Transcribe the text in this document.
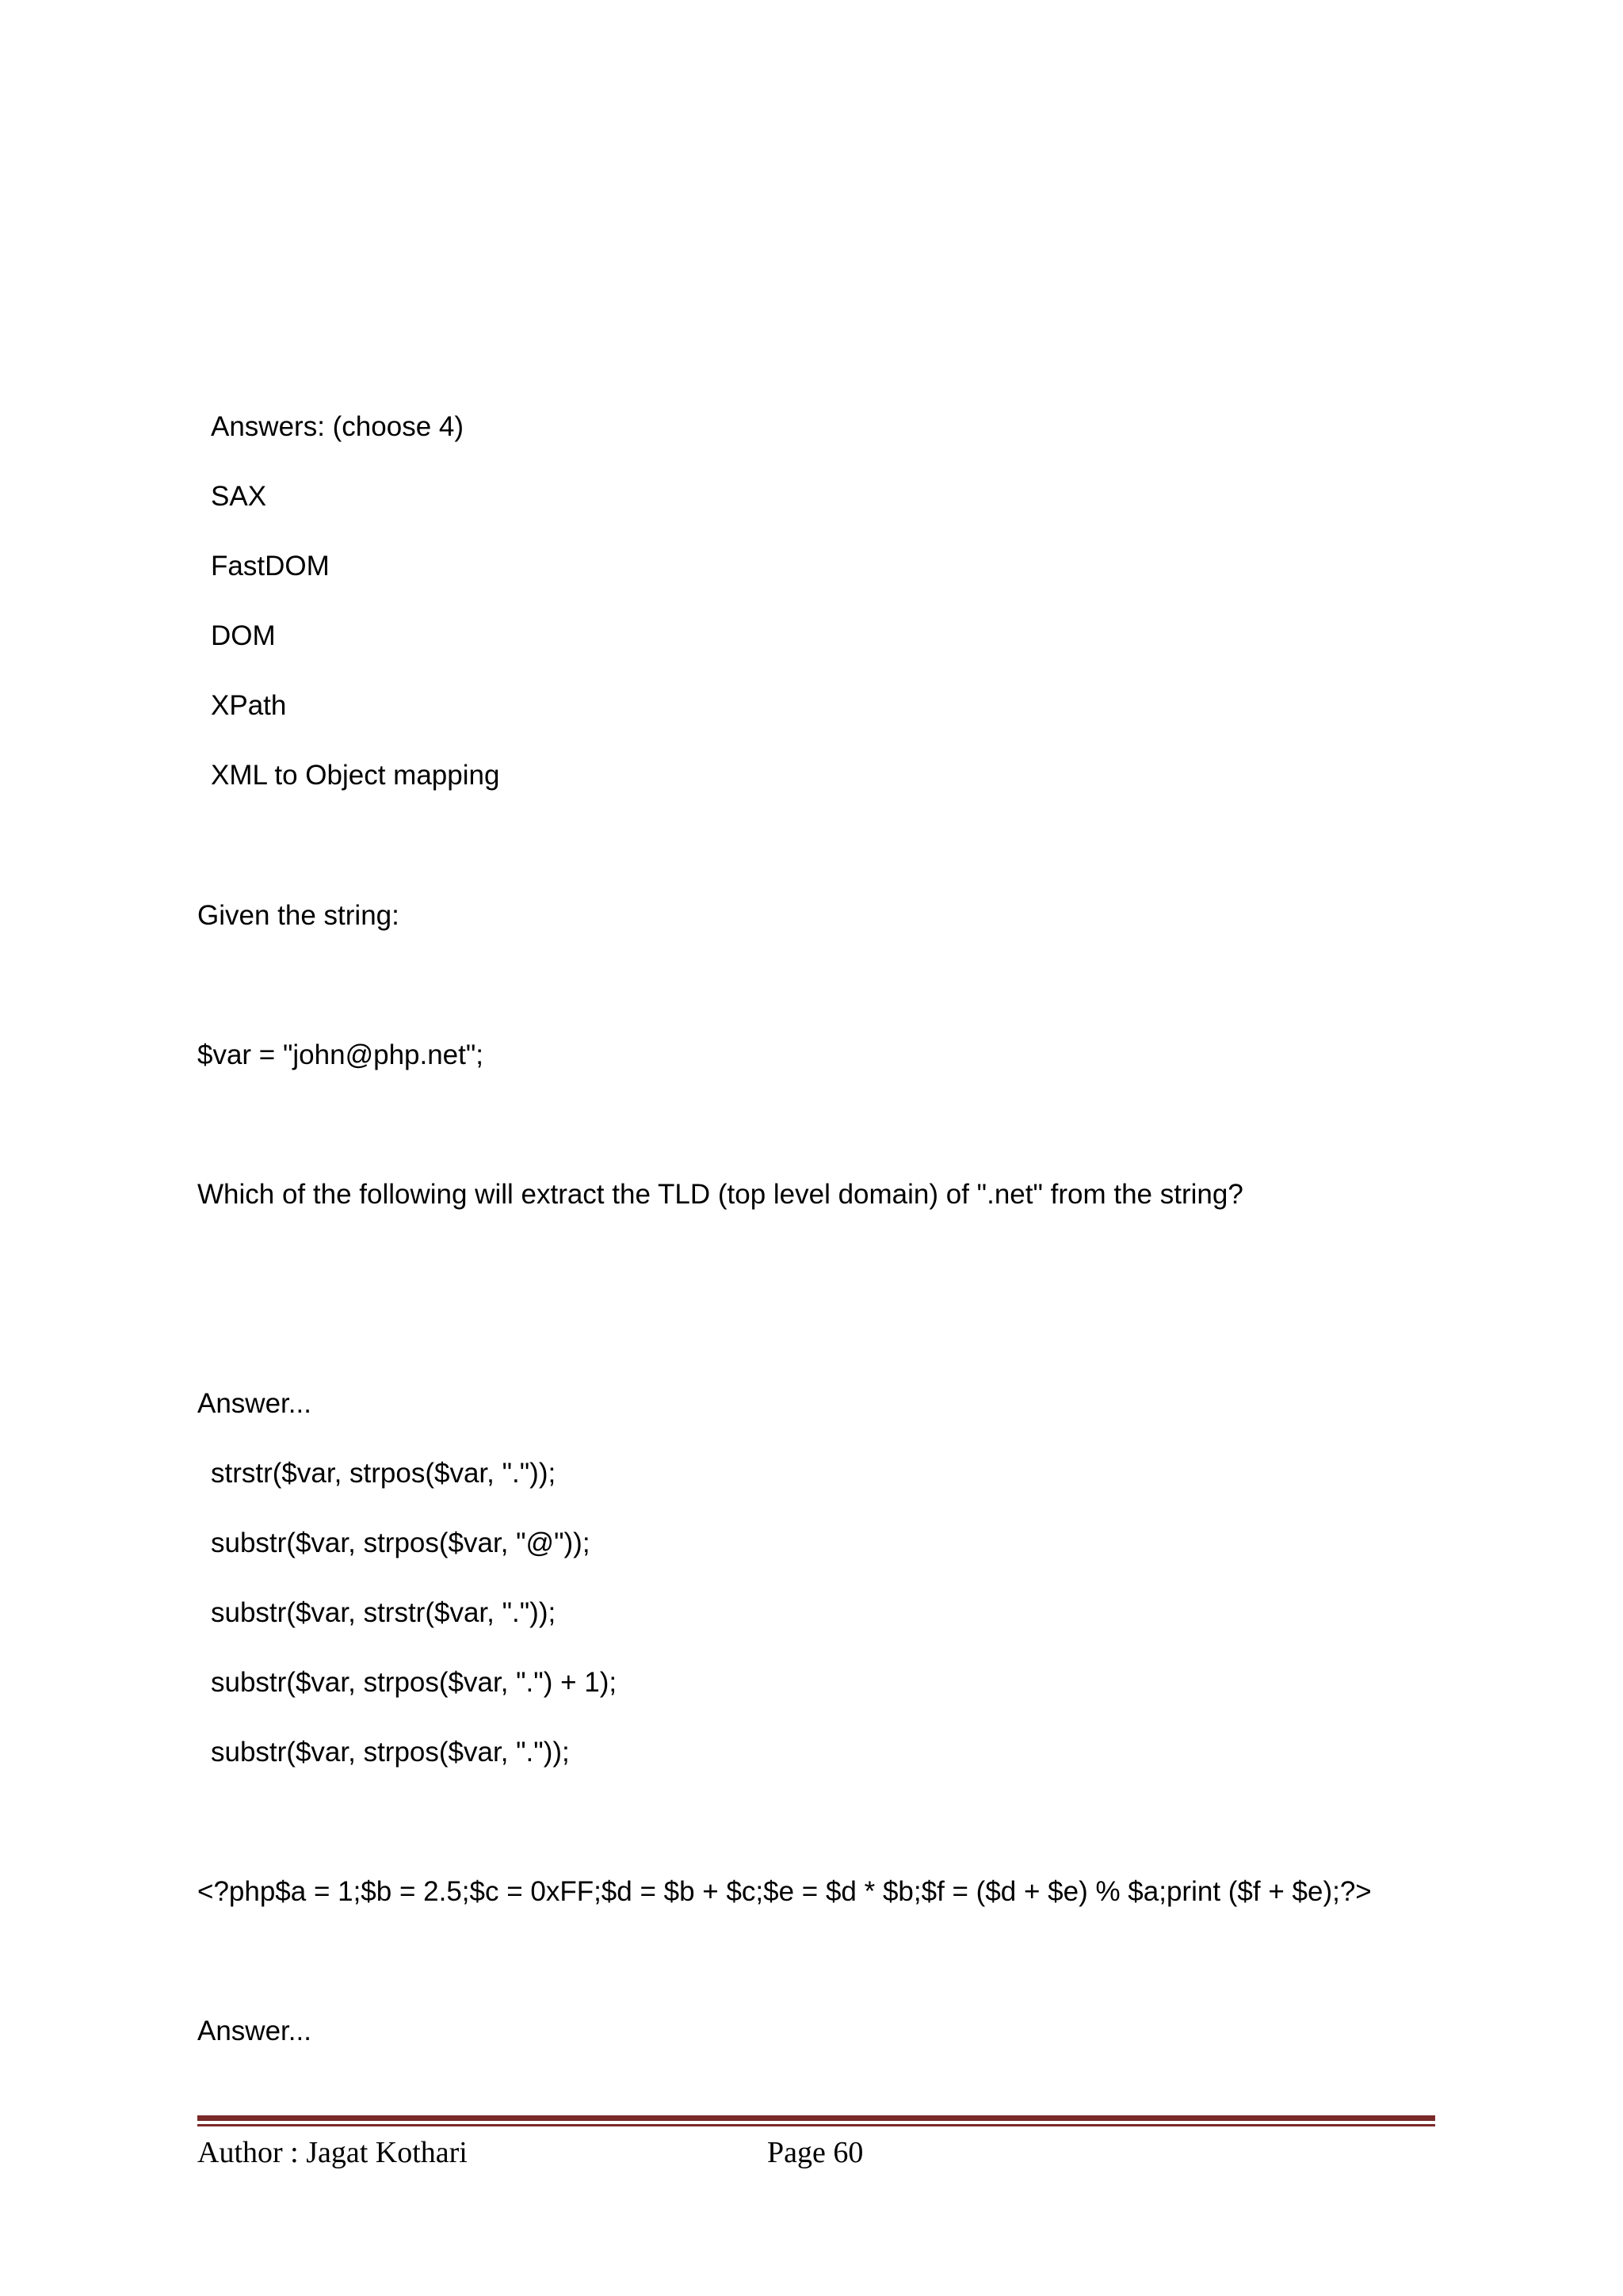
Answers: (choose 4)
SAX
FastDOM
DOM
XPath
XML to Object mapping
Given the string:
$var = "john@php.net";
Which of the following will extract the TLD (top level domain) of ".net" from the string?
Answer...
strstr($var, strpos($var, "."));
substr($var, strpos($var, "@"));
substr($var, strstr($var, "."));
substr($var, strpos($var, ".") + 1);
substr($var, strpos($var, "."));
<?php$a = 1;$b = 2.5;$c = 0xFF;$d = $b + $c;$e = $d * $b;$f = ($d + $e) % $a;print ($f + $e);?>
Answer...
Author : Jagat Kothari	Page 60
